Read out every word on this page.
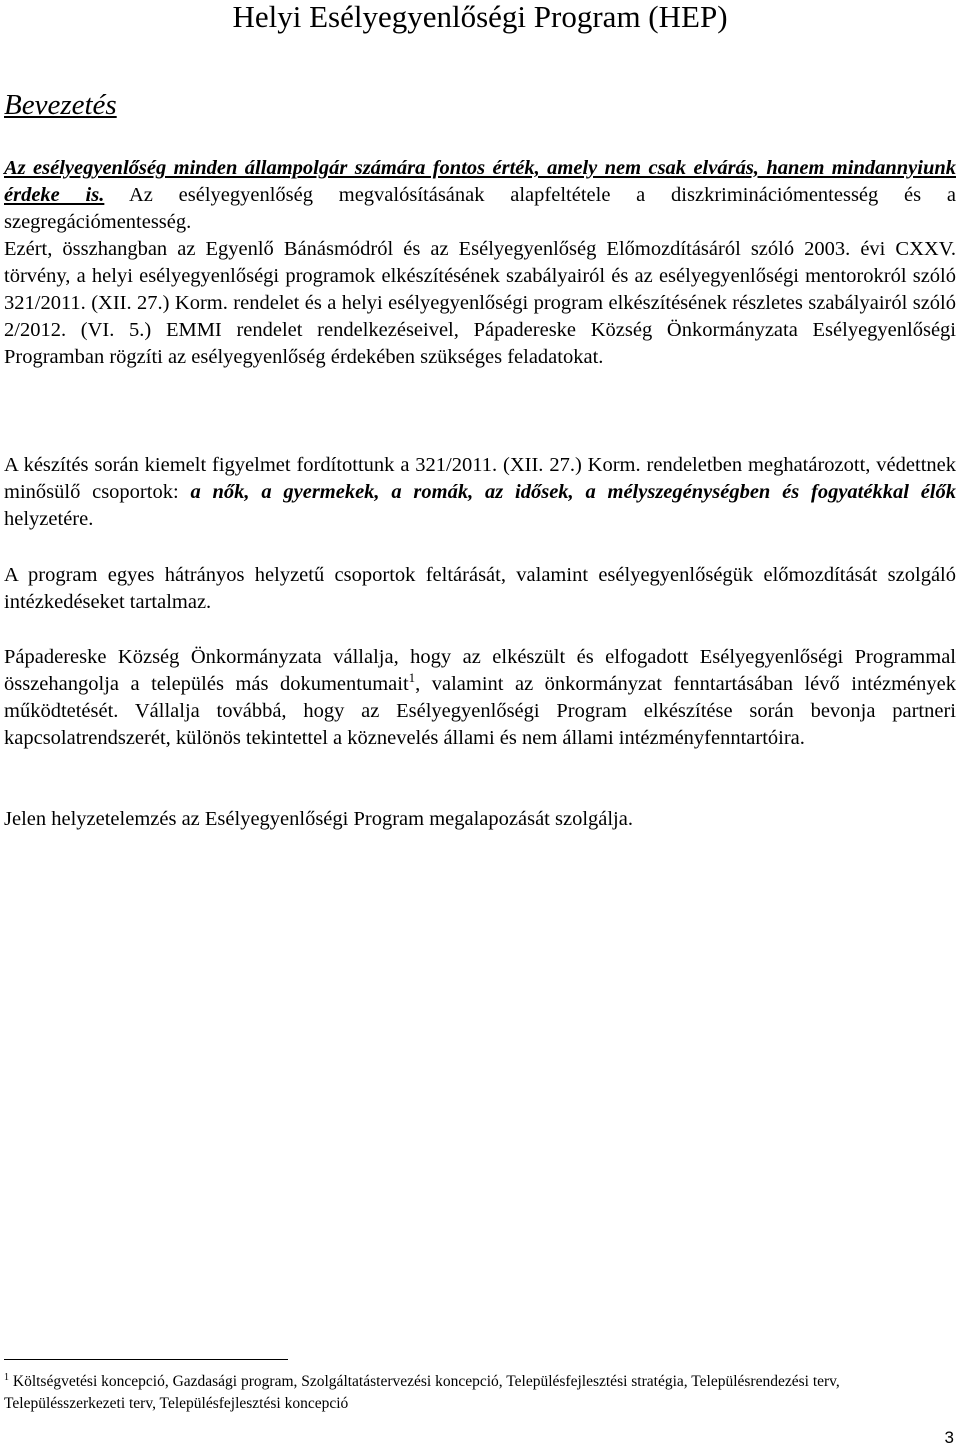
Helyi Esélyegyenlőségi Program (HEP)
Bevezetés

Az esélyegyenlőség minden állampolgár számára fontos érték, amely nem csak elvárás, hanem mindannyiunk érdeke is. Az esélyegyenlőség megvalósításának alapfeltétele a diszkriminációmentesség és a szegregációmentesség.

Ezért, összhangban az Egyenlő Bánásmódról és az Esélyegyenlőség Előmozdításáról szóló 2003. évi CXXV. törvény, a helyi esélyegyenlőségi programok elkészítésének szabályairól és az esélyegyenlőségi mentorokról szóló 321/2011. (XII. 27.) Korm. rendelet és a helyi esélyegyenlőségi program elkészítésének részletes szabályairól szóló 2/2012. (VI. 5.) EMMI rendelet rendelkezéseivel, Pápadereske Község Önkormányzata Esélyegyenlőségi Programban rögzíti az esélyegyenlőség érdekében szükséges feladatokat.

A készítés során kiemelt figyelmet fordítottunk a 321/2011. (XII. 27.) Korm. rendeletben meghatározott, védettnek minősülő csoportok: a nők, a gyermekek, a romák, az idősek, a mélyszegénységben és fogyatékkal élők helyzetére.

A program egyes hátrányos helyzetű csoportok feltárását, valamint esélyegyenlőségük előmozdítását szolgáló intézkedéseket tartalmaz.

Pápadereske Község Önkormányzata vállalja, hogy az elkészült és elfogadott Esélyegyenlőségi Programmal összehangolja a település más dokumentumait$^1$, valamint az önkormányzat fenntartásában lévő intézmények működtetését. Vállalja továbbá, hogy az Esélyegyenlőségi Program elkészítése során bevonja partneri kapcsolatrendszerét, különös tekintettel a köznevelés állami és nem állami intézményfenntartóira.

Jelen helyzetelemzés az Esélyegyenlőségi Program megalapozását szolgálja.

$^1$ Költségvetési koncepció, Gazdasági program, Szolgáltatástervezési koncepció, Településfejlesztési stratégia, Településrendezési terv, Településszerkezeti terv, Településfejlesztési koncepció

3
